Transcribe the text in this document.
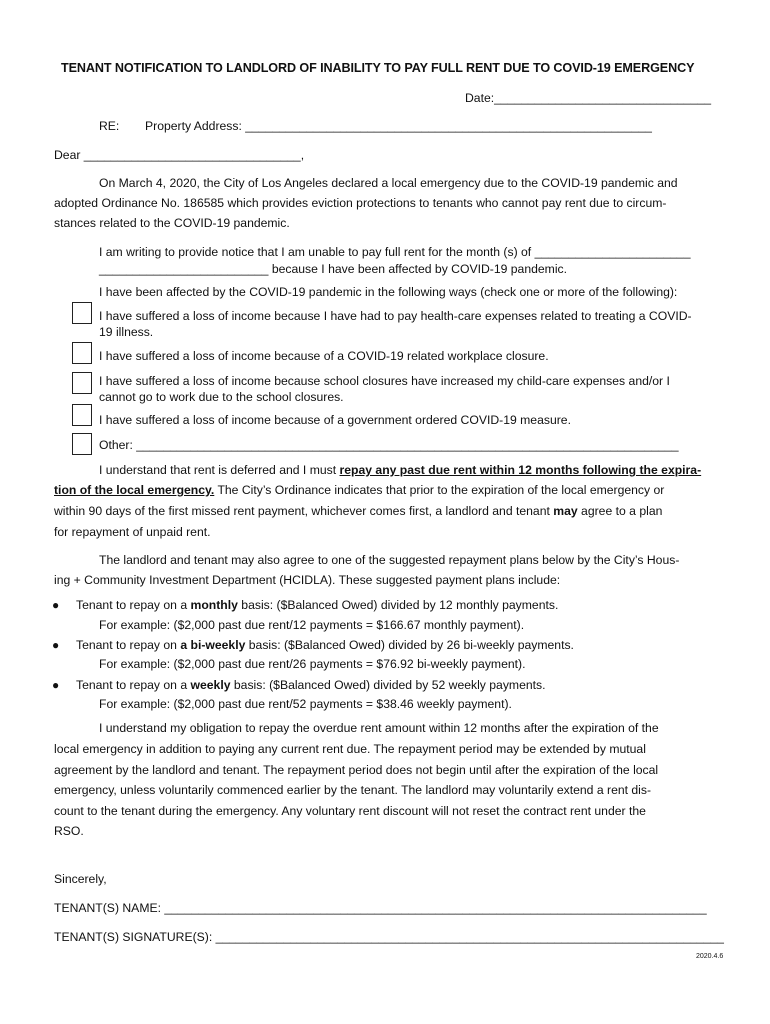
TENANT NOTIFICATION TO LANDLORD OF INABILITY TO PAY FULL RENT DUE TO COVID-19 EMERGENCY
Date:________________________________
RE: Property Address: ____________________________________________________________
Dear ________________________________,
On March 4, 2020, the City of Los Angeles declared a local emergency due to the COVID-19 pandemic and
adopted Ordinance No. 186585 which provides eviction protections to tenants who cannot pay rent due to circum-
stances related to the COVID-19 pandemic.
I am writing to provide notice that I am unable to pay full rent for the month (s) of _______________________
_________________________ because I have been affected by COVID-19 pandemic.
I have been affected by the COVID-19 pandemic in the following ways (check one or more of the following):
I have suffered a loss of income because I have had to pay health-care expenses related to treating a COVID-
19 illness.
I have suffered a loss of income because of a COVID-19 related workplace closure.
I have suffered a loss of income because school closures have increased my child-care expenses and/or I
cannot go to work due to the school closures.
I have suffered a loss of income because of a government ordered COVID-19 measure.
Other: ________________________________________________________________________________
I understand that rent is deferred and I must repay any past due rent within 12 months following the expira-
tion of the local emergency. The City’s Ordinance indicates that prior to the expiration of the local emergency or
within 90 days of the first missed rent payment, whichever comes first, a landlord and tenant may agree to a plan
for repayment of unpaid rent.
The landlord and tenant may also agree to one of the suggested repayment plans below by the City’s Hous-
ing + Community Investment Department (HCIDLA). These suggested payment plans include:
● Tenant to repay on a monthly basis: ($Balanced Owed) divided by 12 monthly payments.
For example: ($2,000 past due rent/12 payments = $166.67 monthly payment).
● Tenant to repay on a bi-weekly basis: ($Balanced Owed) divided by 26 bi-weekly payments.
For example: ($2,000 past due rent/26 payments = $76.92 bi-weekly payment).
● Tenant to repay on a weekly basis: ($Balanced Owed) divided by 52 weekly payments.
For example: ($2,000 past due rent/52 payments = $38.46 weekly payment).
I understand my obligation to repay the overdue rent amount within 12 months after the expiration of the
local emergency in addition to paying any current rent due. The repayment period may be extended by mutual
agreement by the landlord and tenant. The repayment period does not begin until after the expiration of the local
emergency, unless voluntarily commenced earlier by the tenant. The landlord may voluntarily extend a rent dis-
count to the tenant during the emergency. Any voluntary rent discount will not reset the contract rent under the
RSO.
Sincerely,
TENANT(S) NAME: ________________________________________________________________________________
TENANT(S) SIGNATURE(S): ___________________________________________________________________________
2020.4.6
